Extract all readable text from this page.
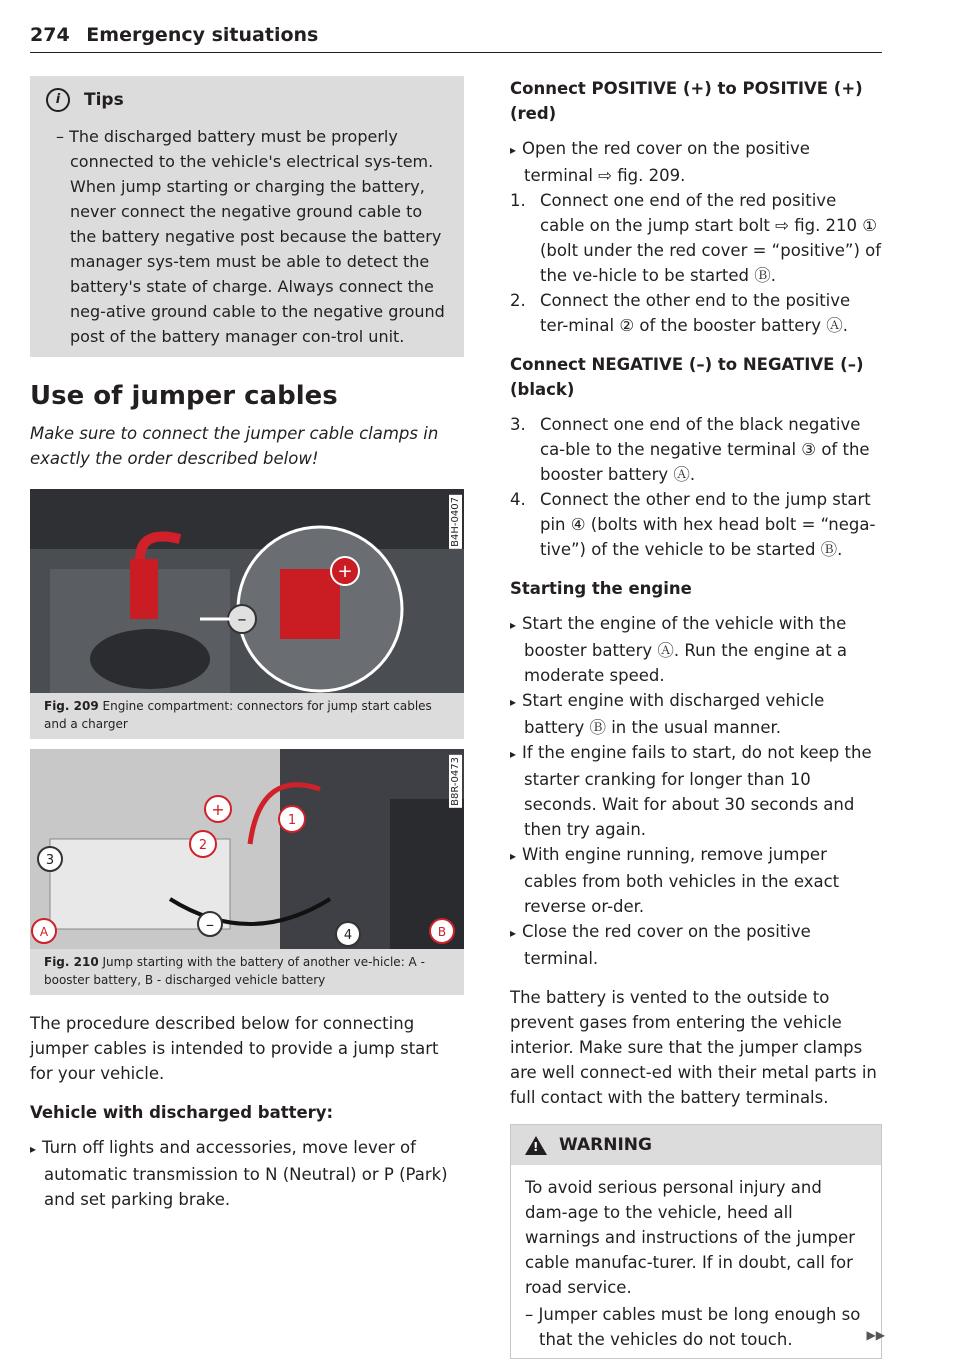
274 Emergency situations
i	Tips
– The discharged battery must be properly connected to the vehicle's electrical sys-tem. When jump starting or charging the battery, never connect the negative ground cable to the battery negative post because the battery manager sys-tem must be able to detect the battery's state of charge. Always connect the neg-ative ground cable to the negative ground post of the battery manager con-trol unit.
Use of jumper cables
Make sure to connect the jumper cable clamps in exactly the order described below!
+
–
B4H-0407
Fig. 209 Engine compartment: connectors for jump start cables and a charger
+
2
1
3
–
4
A	B
B8R-0473
Fig. 210 Jump starting with the battery of another ve-hicle: A - booster battery, B - discharged vehicle battery
The procedure described below for connecting jumper cables is intended to provide a jump start for your vehicle.
Vehicle with discharged battery:
▸ Turn off lights and accessories, move lever of automatic transmission to N (Neutral) or P (Park) and set parking brake.
Connect POSITIVE (+) to POSITIVE (+) (red)
▸ Open the red cover on the positive terminal ⇨ fig. 209.
1. Connect one end of the red positive cable on the jump start bolt ⇨ fig. 210 ① (bolt under the red cover = “positive”) of the ve-hicle to be started Ⓑ.
2. Connect the other end to the positive ter-minal ② of the booster battery Ⓐ.
Connect NEGATIVE (–) to NEGATIVE (–) (black)
3. Connect one end of the black negative ca-ble to the negative terminal ③ of the booster battery Ⓐ.
4. Connect the other end to the jump start pin ④ (bolts with hex head bolt = “nega-tive”) of the vehicle to be started Ⓑ.
Starting the engine
▸ Start the engine of the vehicle with the booster battery Ⓐ. Run the engine at a moderate speed.
▸ Start engine with discharged vehicle battery Ⓑ in the usual manner.
▸ If the engine fails to start, do not keep the starter cranking for longer than 10 seconds. Wait for about 30 seconds and then try again.
▸ With engine running, remove jumper cables from both vehicles in the exact reverse or-der.
▸ Close the red cover on the positive terminal.
The battery is vented to the outside to prevent gases from entering the vehicle interior. Make sure that the jumper clamps are well connect-ed with their metal parts in full contact with the battery terminals.
!
WARNING
To avoid serious personal injury and dam-age to the vehicle, heed all warnings and instructions of the jumper cable manufac-turer. If in doubt, call for road service.
– Jumper cables must be long enough so that the vehicles do not touch.	▶▶
